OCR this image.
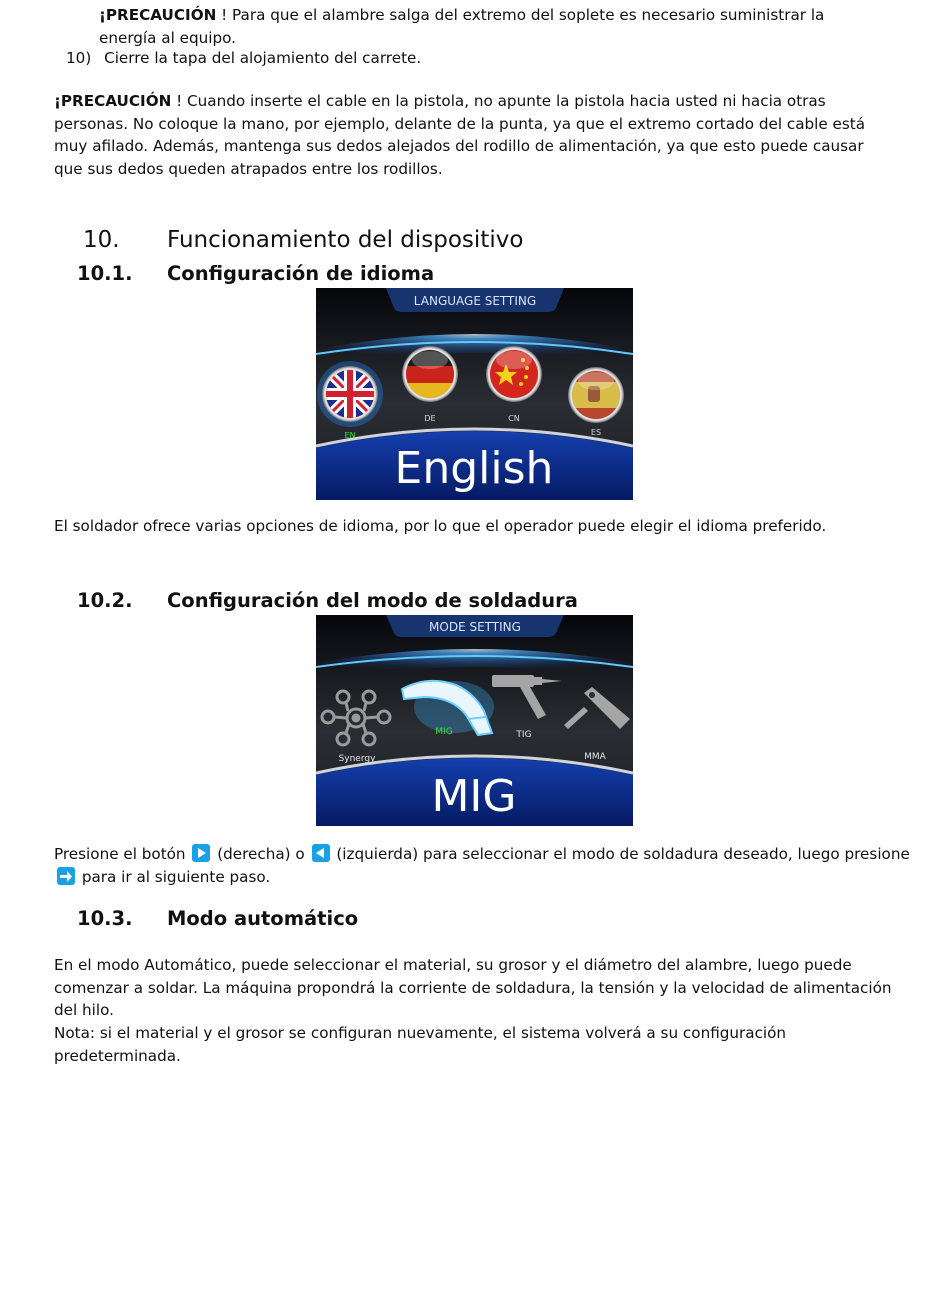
¡PRECAUCIÓN ! Para que el alambre salga del extremo del soplete es necesario suministrar la energía al equipo.

10) Cierre la tapa del alojamiento del carrete.

¡PRECAUCIÓN ! Cuando inserte el cable en la pistola, no apunte la pistola hacia usted ni hacia otras personas. No coloque la mano, por ejemplo, delante de la punta, ya que el extremo cortado del cable está muy afilado. Además, mantenga sus dedos alejados del rodillo de alimentación, ya que esto puede causar que sus dedos queden atrapados entre los rodillos.

10. Funcionamiento del dispositivo
10.1. Configuración de idioma
LANGUAGE SETTING
EN
DE	CN
ES
English

El soldador ofrece varias opciones de idioma, por lo que el operador puede elegir el idioma preferido.

10.2. Configuración del modo de soldadura
MODE SETTING
Synergy
MIG	TIG
MMA
MIG

Presione el botón  (derecha) o  (izquierda) para seleccionar el modo de soldadura deseado, luego presione
para ir al siguiente paso.

10.3. Modo automático

En el modo Automático, puede seleccionar el material, su grosor y el diámetro del alambre, luego puede comenzar a soldar. La máquina propondrá la corriente de soldadura, la tensión y la velocidad de alimentación del hilo.

Nota: si el material y el grosor se configuran nuevamente, el sistema volverá a su configuración predeterminada.
